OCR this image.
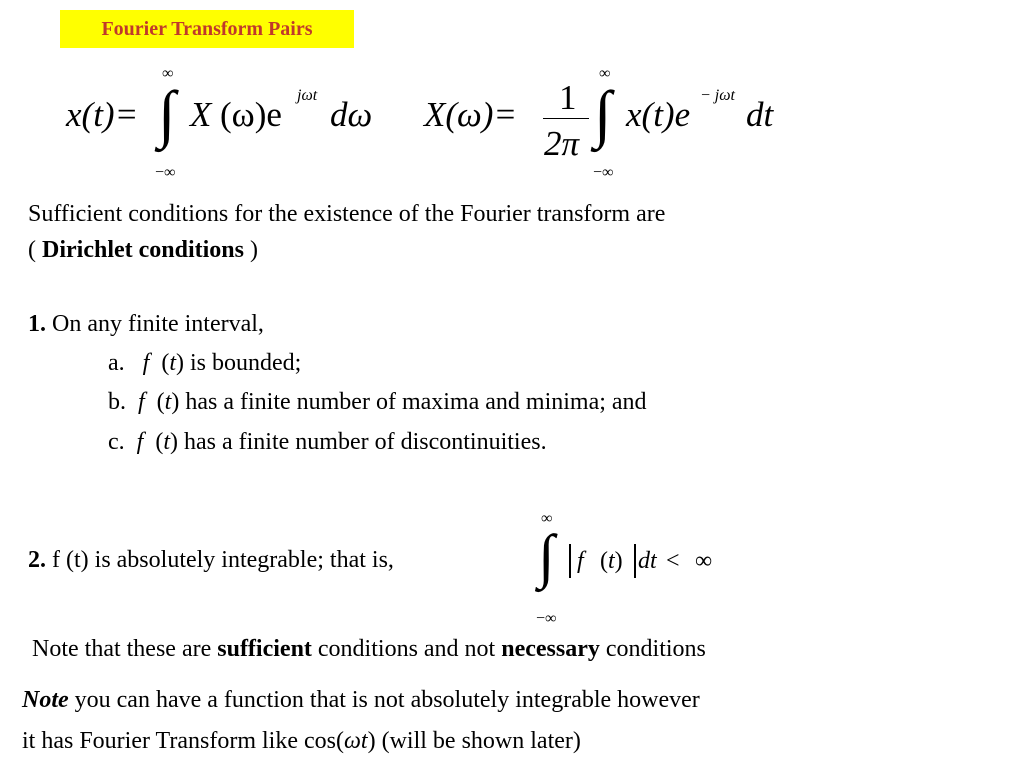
Fourier Transform Pairs
x(t)=
∞
∫
−∞
X (ω)e jωt dω X(ω)= 1
2π
∞
∫
−∞
x(t)e − jωt dt
Sufficient conditions for the existence of the Fourier transform are
( Dirichlet conditions )
1. On any finite interval,
a. f  (t) is bounded;
b. f  (t) has a finite number of maxima and minima; and
c. f  (t) has a finite number of discontinuities.
2. f (t) is absolutely integrable; that is,
∞
∫
−∞
f (t) dt < ∞
Note that these are sufficient conditions and not necessary conditions
Note you can have a function that is not absolutely integrable however
it has Fourier Transform like cos(ωt) (will be shown later)
